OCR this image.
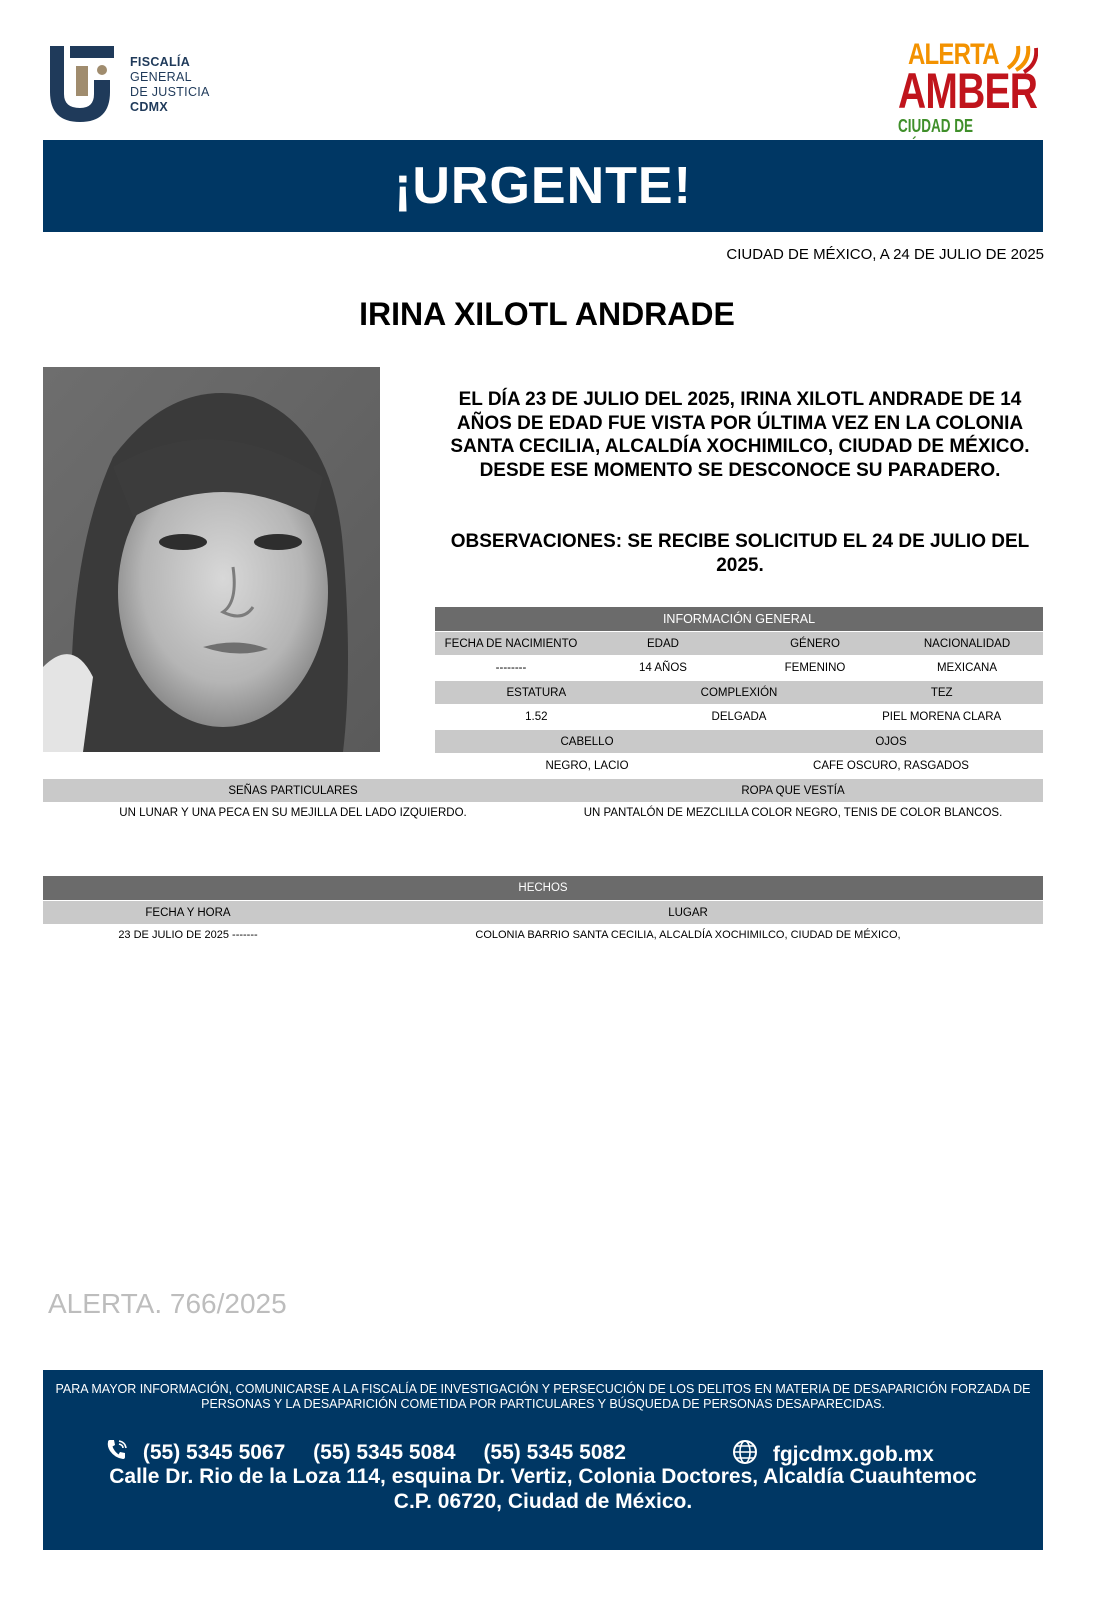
FISCALÍA
GENERAL
DE JUSTICIA
CDMX
ALERTA
AMBER
CIUDAD DE
¡URGENTE!
CIUDAD DE MÉXICO, A 24 DE JULIO DE 2025
IRINA XILOTL ANDRADE
EL DÍA 23 DE JULIO DEL 2025, IRINA XILOTL ANDRADE DE 14 AÑOS DE EDAD FUE VISTA POR ÚLTIMA VEZ EN LA COLONIA SANTA CECILIA, ALCALDÍA XOCHIMILCO, CIUDAD DE MÉXICO. DESDE ESE MOMENTO SE DESCONOCE SU PARADERO.
OBSERVACIONES: SE RECIBE SOLICITUD EL 24 DE JULIO DEL 2025.
INFORMACIÓN GENERAL
FECHA DE NACIMIENTO	EDAD	GÉNERO	NACIONALIDAD
--------	14 AÑOS	FEMENINO	MEXICANA
ESTATURA	COMPLEXIÓN	TEZ
1.52	DELGADA	PIEL MORENA CLARA
CABELLO	OJOS
NEGRO, LACIO	CAFE OSCURO, RASGADOS
SEÑAS PARTICULARES	ROPA QUE VESTÍA
UN LUNAR Y UNA PECA EN SU MEJILLA DEL LADO IZQUIERDO.	UN PANTALÓN DE MEZCLILLA COLOR NEGRO, TENIS DE COLOR BLANCOS.
HECHOS
FECHA Y HORA	LUGAR
23 DE JULIO DE 2025 -------	COLONIA BARRIO SANTA CECILIA, ALCALDÍA XOCHIMILCO, CIUDAD DE MÉXICO,
ALERTA. 766/2025
PARA MAYOR INFORMACIÓN, COMUNICARSE A LA FISCALÍA DE INVESTIGACIÓN Y PERSECUCIÓN DE LOS DELITOS EN MATERIA DE DESAPARICIÓN FORZADA DE PERSONAS Y LA DESAPARICIÓN COMETIDA POR PARTICULARES Y BÚSQUEDA DE PERSONAS DESAPARECIDAS.
(55) 5345 5067 (55) 5345 5084 (55) 5345 5082	fgjcdmx.gob.mx
Calle Dr. Rio de la Loza 114, esquina Dr. Vertiz, Colonia Doctores, Alcaldía Cuauhtemoc
C.P. 06720, Ciudad de México.
